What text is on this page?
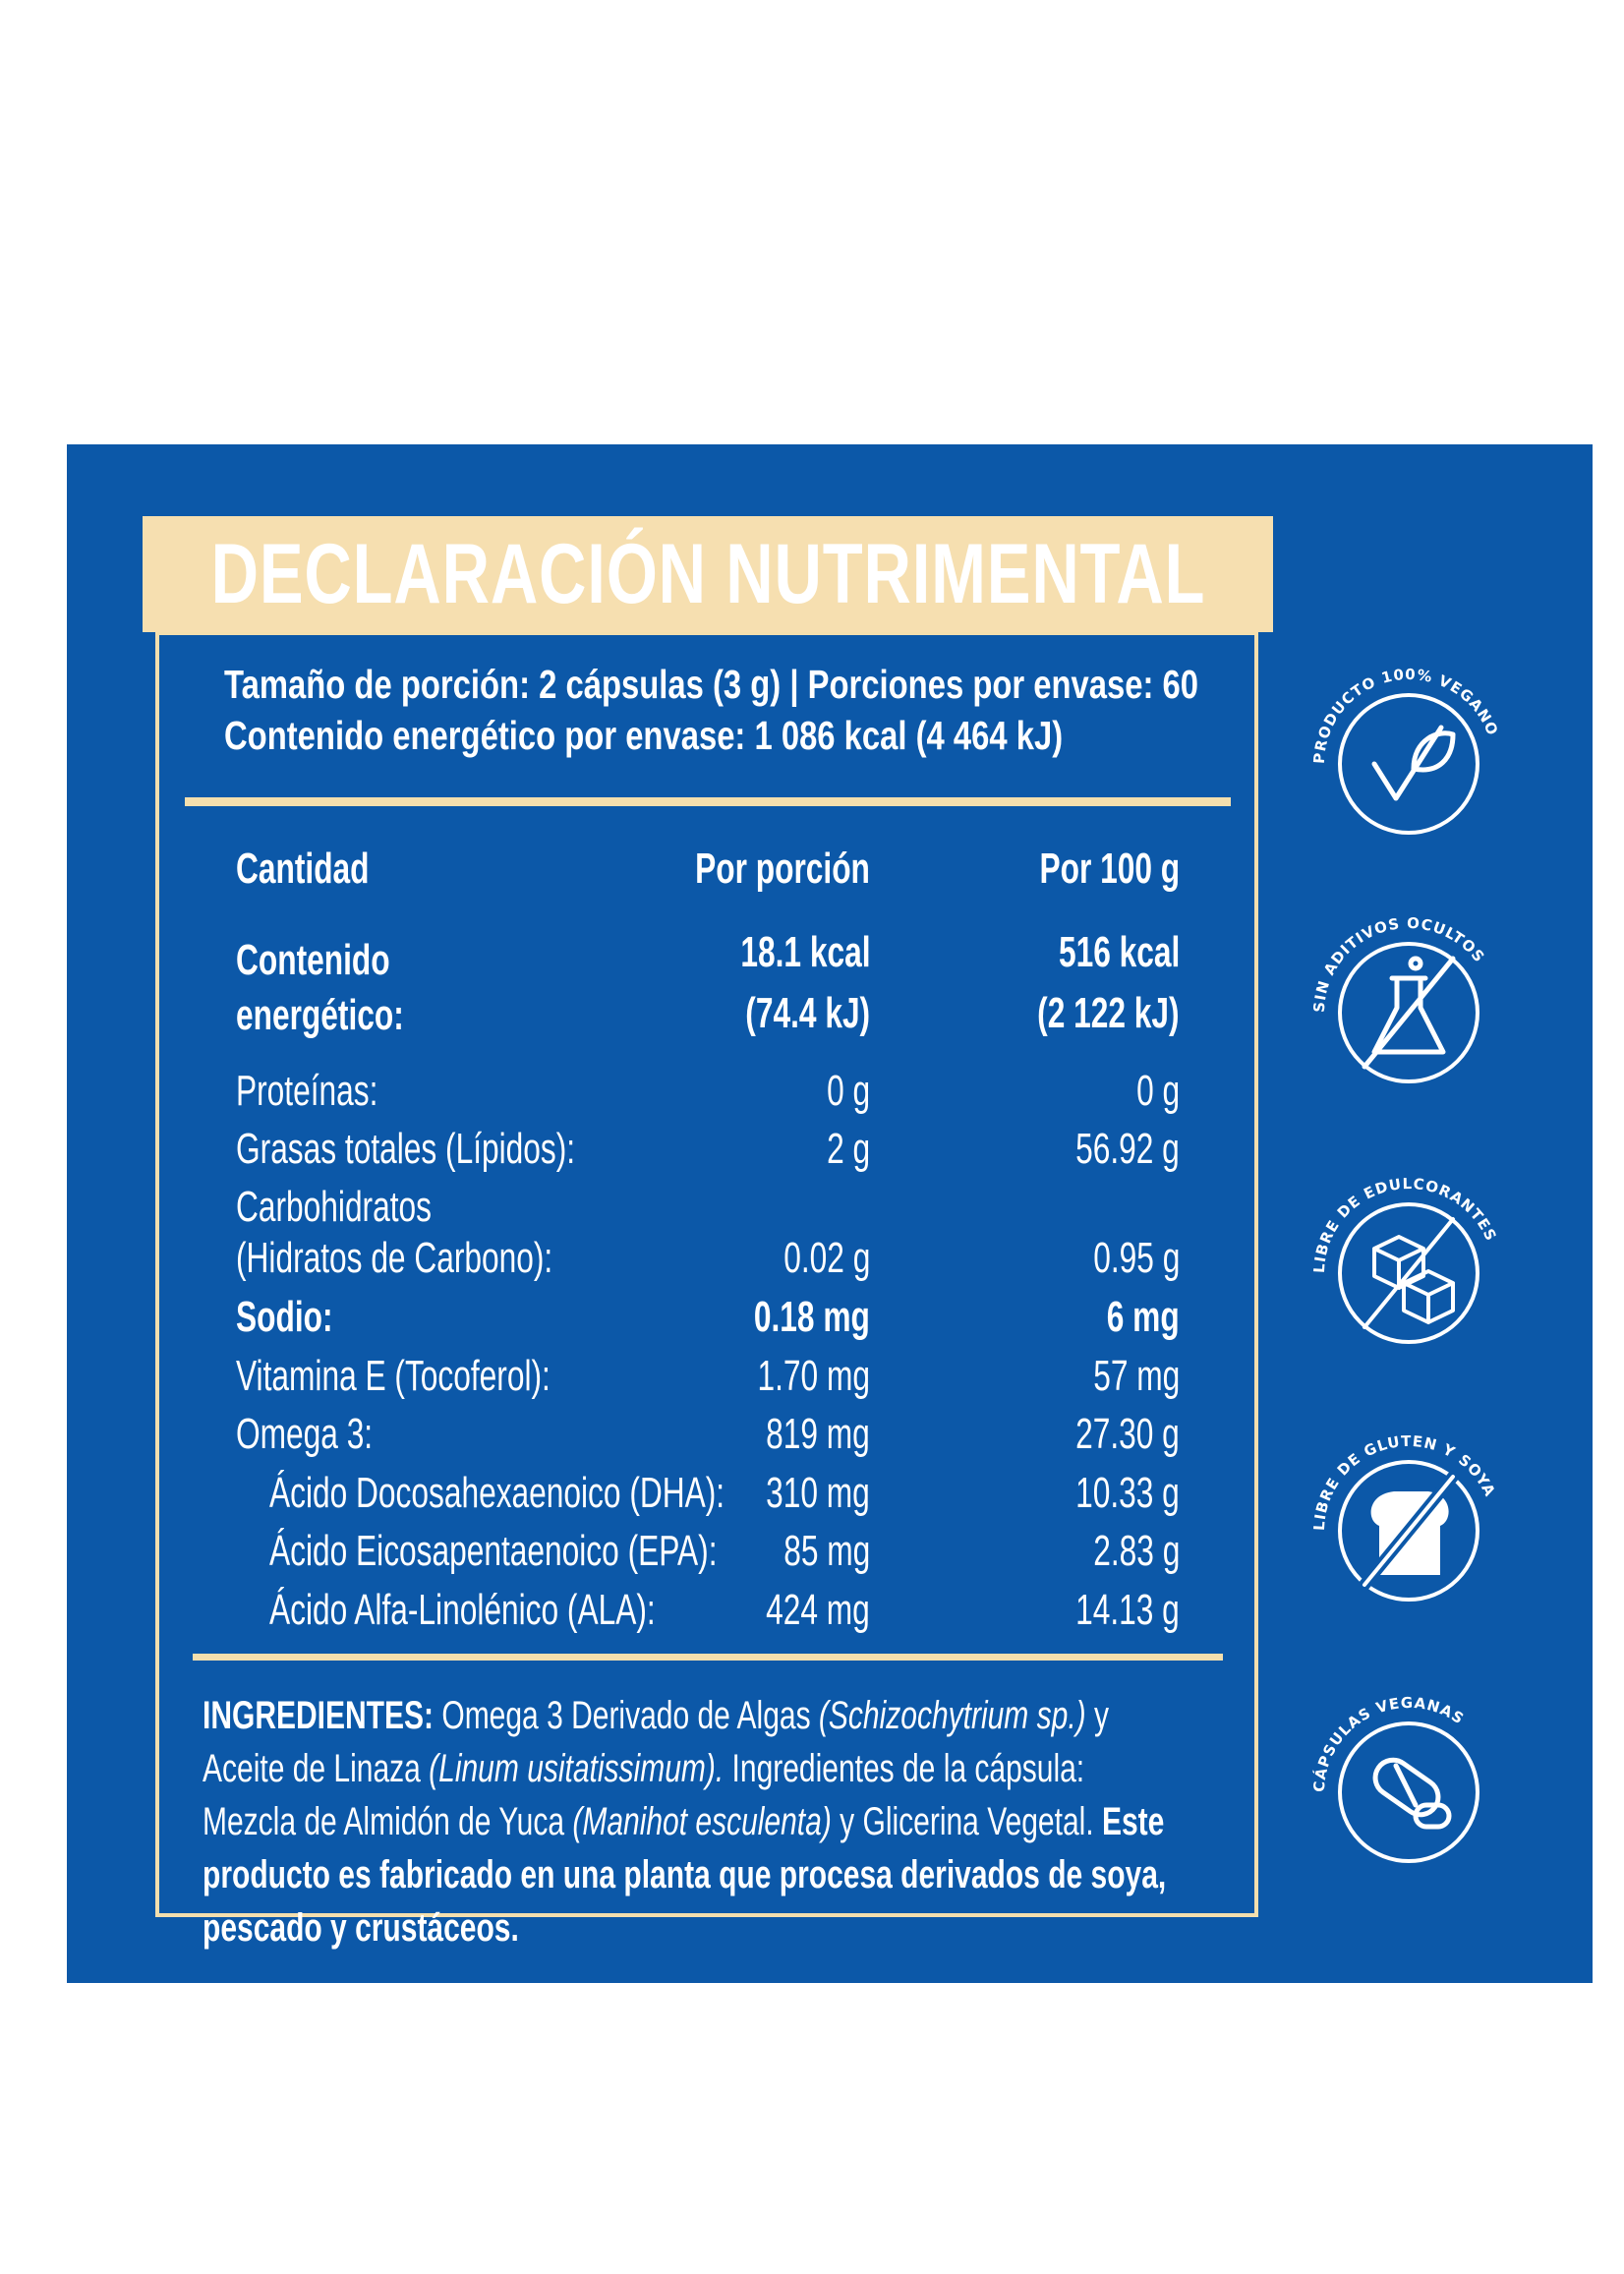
DECLARACIÓN NUTRIMENTAL
Tamaño de porción: 2 cápsulas (3 g) | Porciones por envase: 60
Contenido energético por envase: 1 086 kcal (4 464 kJ)
Cantidad	Por porción	Por 100 g
Contenido	18.1 kcal	516 kcal
energético:	(74.4 kJ)	(2 122 kJ)
Proteínas:	0 g	0 g
Grasas totales (Lípidos):	2 g	56.92 g
Carbohidratos
(Hidratos de Carbono):	0.02 g	0.95 g
Sodio:	0.18 mg	6 mg
Vitamina E (Tocoferol):	1.70 mg	57 mg
Omega 3:	819 mg	27.30 g
Ácido Docosahexaenoico (DHA): 310 mg	10.33 g
Ácido Eicosapentaenoico (EPA): 85 mg	2.83 g
Ácido Alfa-Linolénico (ALA):	424 mg	14.13 g
INGREDIENTES: Omega 3 Derivado de Algas (Schizochytrium sp.) y Aceite de Linaza (Linum usitatissimum). Ingredientes de la cápsula: Mezcla de Almidón de Yuca (Manihot esculenta) y Glicerina Vegetal. Este producto es fabricado en una planta que procesa derivados de soya, pescado y crustáceos.
PRODUCTO 100% VEGANO
SIN ADITIVOS OCULTOS
LIBRE DE EDULCORANTES
LIBRE DE GLUTEN Y SOYA
CÁPSULAS VEGANAS
